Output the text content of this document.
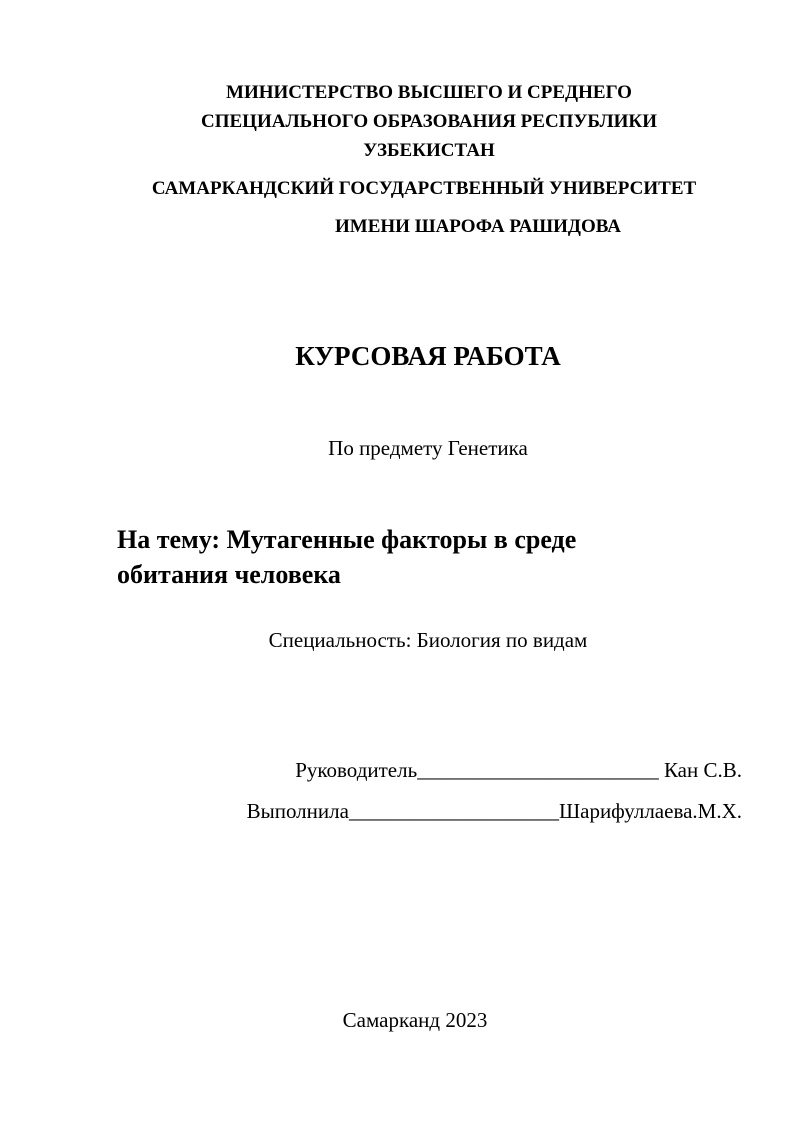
МИНИСТЕРСТВО ВЫСШЕГО И СРЕДНЕГО
СПЕЦИАЛЬНОГО ОБРАЗОВАНИЯ РЕСПУБЛИКИ
УЗБЕКИСТАН
САМАРКАНДСКИЙ ГОСУДАРСТВЕННЫЙ УНИВЕРСИТЕТ
ИМЕНИ ШАРОФА РАШИДОВА
КУРСОВАЯ РАБОТА
По предмету Генетика
На тему: Мутагенные факторы в среде
обитания человека
Специальность: Биология по видам
Руководитель_______________________ Кан С.В.
Выполнила____________________Шарифуллаева.М.Х.
Самарканд 2023
